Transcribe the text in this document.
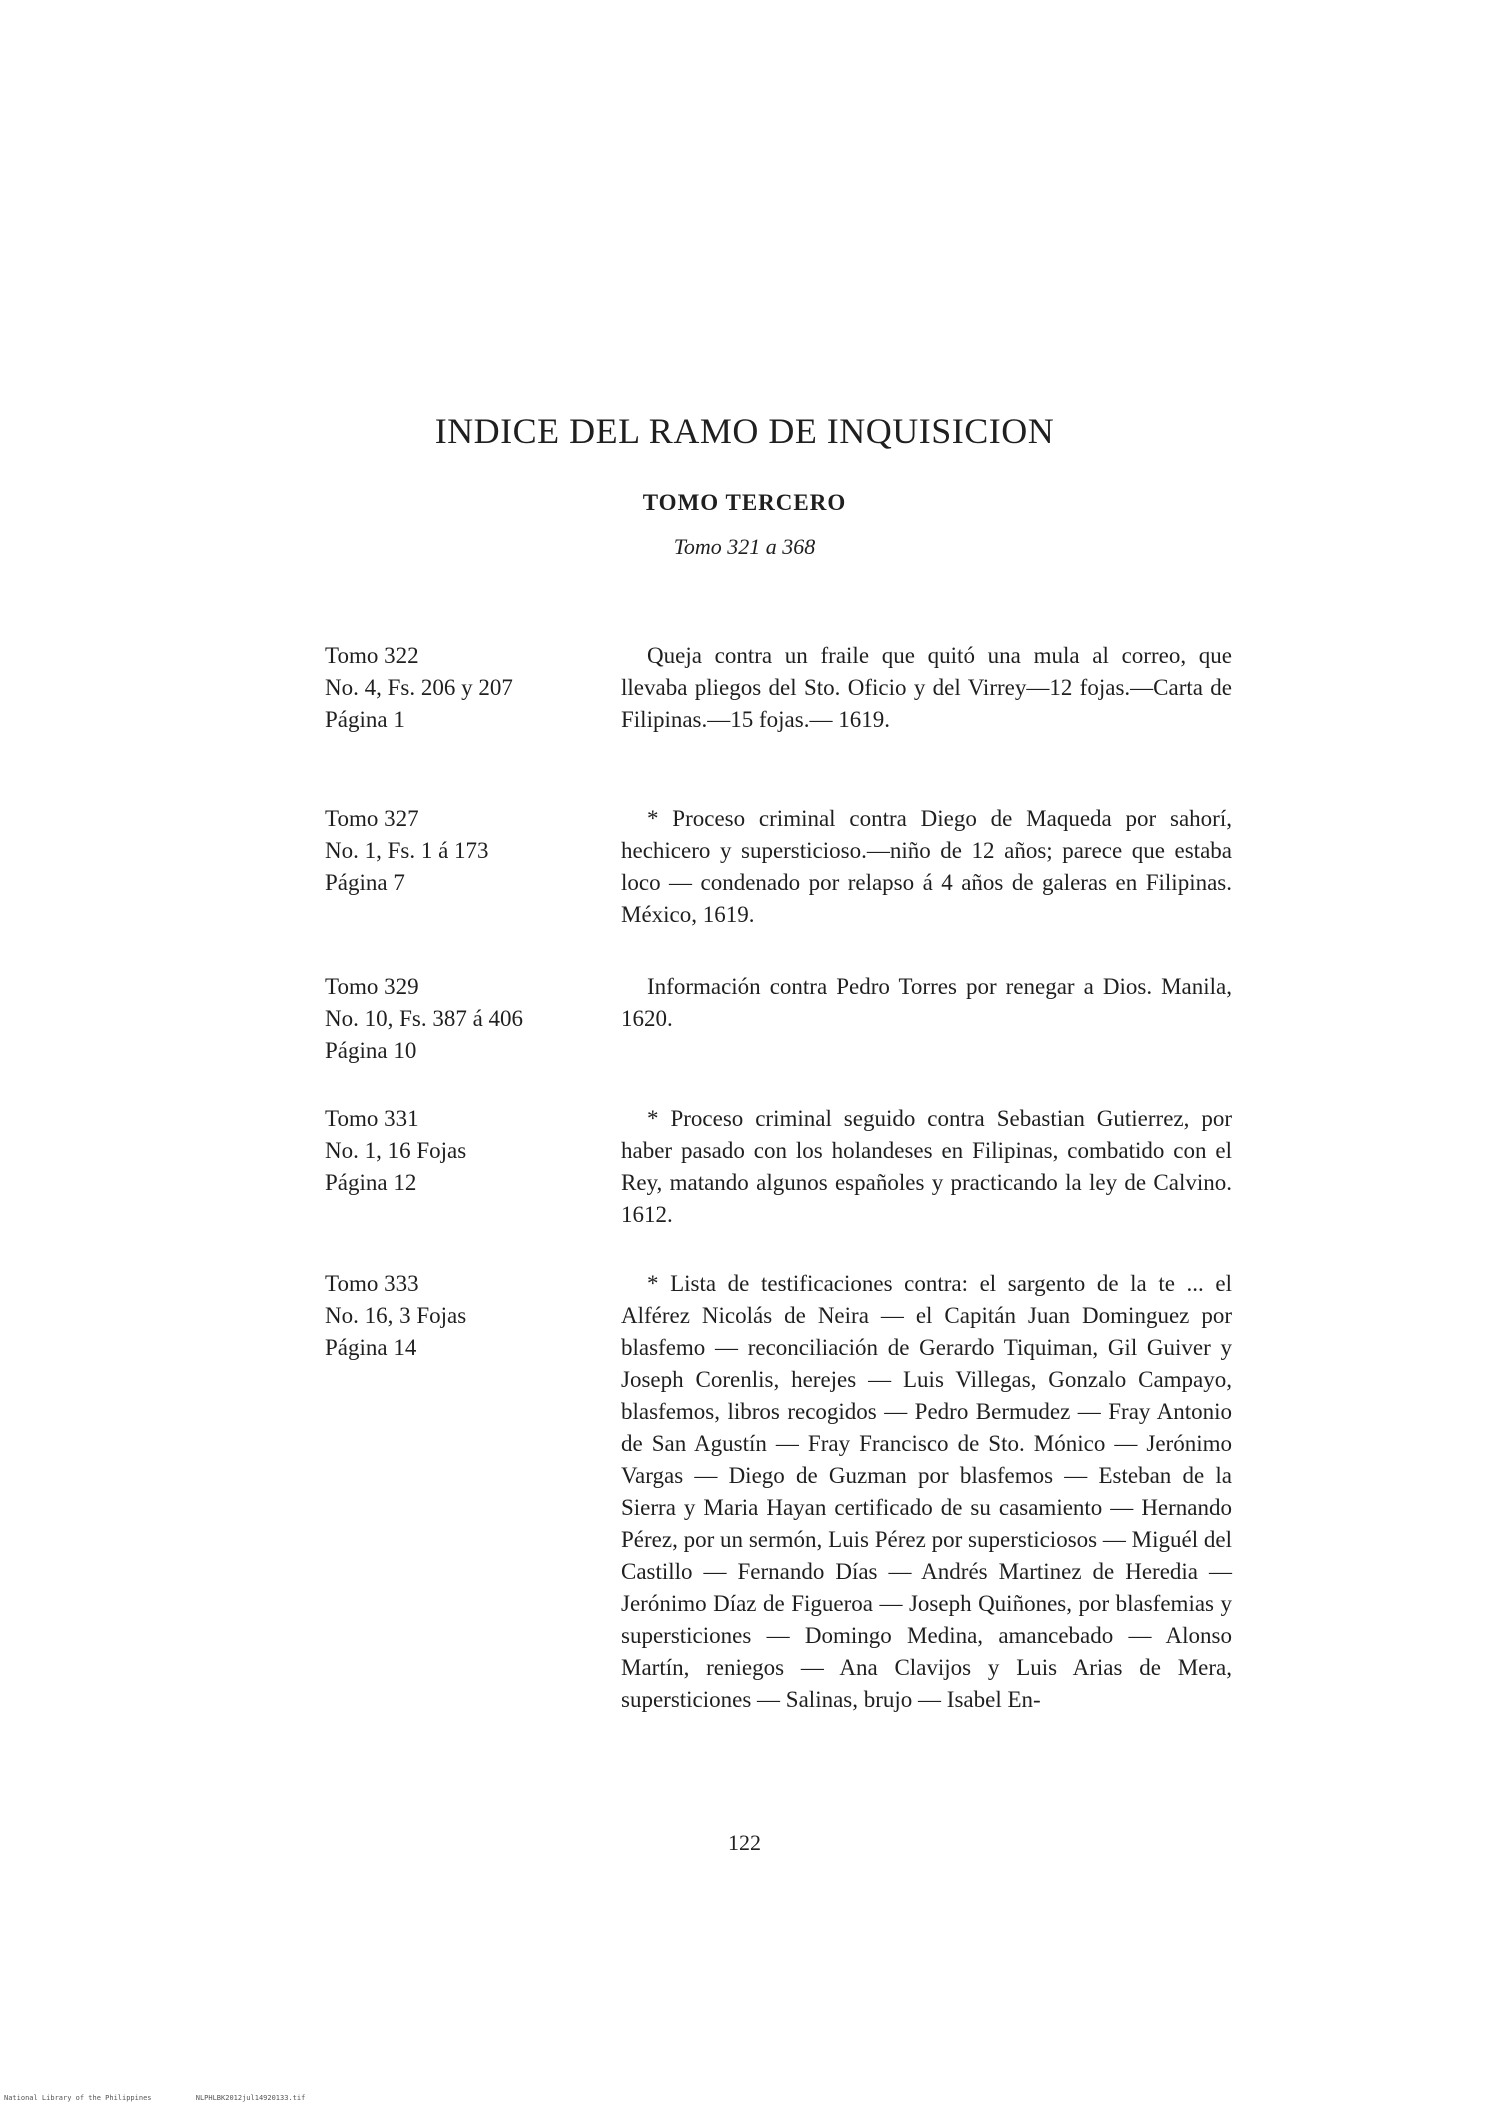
INDICE DEL RAMO DE INQUISICION
TOMO TERCERO
Tomo 321 a 368
Tomo 322
No. 4, Fs. 206 y 207
Página 1
Queja contra un fraile que quitó una mula al correo, que llevaba pliegos del Sto. Oficio y del Virrey—12 fojas.—Carta de Filipinas.—15 fojas.— 1619.
Tomo 327
No. 1, Fs. 1 á 173
Página 7
* Proceso criminal contra Diego de Maqueda por sahorí, hechicero y supersticioso.—niño de 12 años; parece que estaba loco — condenado por relapso á 4 años de galeras en Filipinas. México, 1619.
Tomo 329
No. 10, Fs. 387 á 406
Página 10
Información contra Pedro Torres por renegar a Dios. Manila, 1620.
Tomo 331
No. 1, 16 Fojas
Página 12
* Proceso criminal seguido contra Sebastian Gutierrez, por haber pasado con los holandeses en Filipinas, combatido con el Rey, matando algunos españoles y practicando la ley de Calvino. 1612.
Tomo 333
No. 16, 3 Fojas
Página 14
* Lista de testificaciones contra: el sargento de la te ... el Alférez Nicolás de Neira — el Capitán Juan Dominguez por blasfemo — reconciliación de Gerardo Tiquiman, Gil Guiver y Joseph Corenlis, herejes — Luis Villegas, Gonzalo Campayo, blasfemos, libros recogidos — Pedro Bermudez — Fray Antonio de San Agustín — Fray Francisco de Sto. Mónico — Jerónimo Vargas — Diego de Guzman por blasfemos — Esteban de la Sierra y Maria Hayan certificado de su casamiento — Hernando Pérez, por un sermón, Luis Pérez por supersticiosos — Miguél del Castillo — Fernando Días — Andrés Martinez de Heredia — Jerónimo Díaz de Figueroa — Joseph Quiñones, por blasfemias y supersticiones — Domingo Medina, amancebado — Alonso Martín, reniegos — Ana Clavijos y Luis Arias de Mera, supersticiones — Salinas, brujo — Isabel En-
122
National Library of the Philippines	NLPHLBK2012jul14920133.tif
